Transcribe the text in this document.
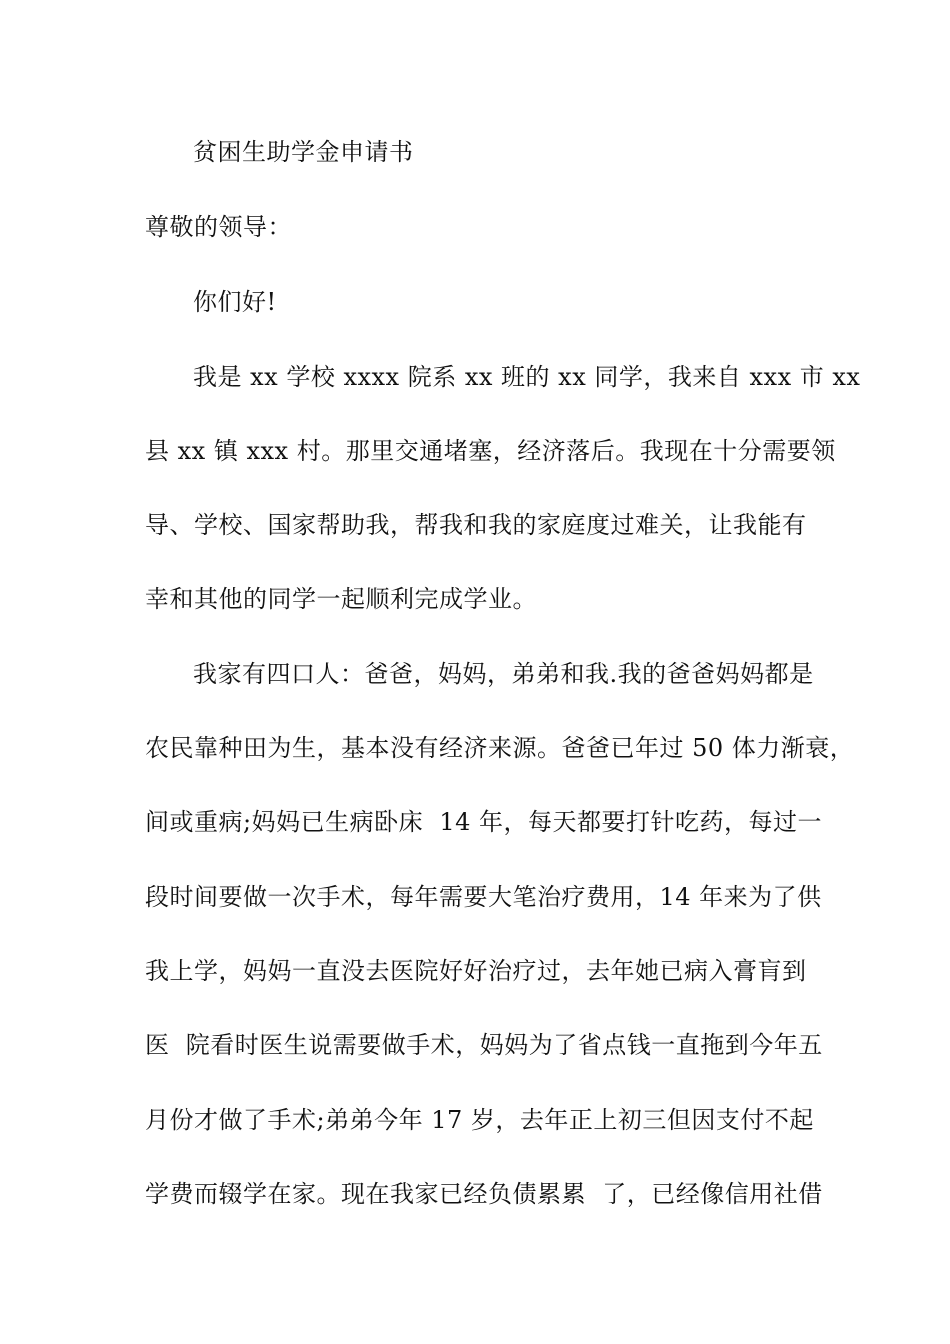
贫困生助学金申请书
尊敬的领导：
你们好!
我是 xx 学校 xxxx 院系 xx 班的 xx 同学，我来自 xxx 市 xx
县 xx 镇 xxx 村。那里交通堵塞，经济落后。我现在十分需要领
导、学校、国家帮助我，帮我和我的家庭度过难关，让我能有
幸和其他的同学一起顺利完成学业。
我家有四口人：爸爸，妈妈，弟弟和我.我的爸爸妈妈都是
农民靠种田为生，基本没有经济来源。爸爸已年过 50 体力渐衰，
间或重病;妈妈已生病卧床  14 年，每天都要打针吃药，每过一
段时间要做一次手术，每年需要大笔治疗费用，14 年来为了供
我上学，妈妈一直没去医院好好治疗过，去年她已病入膏肓到
医  院看时医生说需要做手术，妈妈为了省点钱一直拖到今年五
月份才做了手术;弟弟今年 17 岁，去年正上初三但因支付不起
学费而辍学在家。现在我家已经负债累累  了，已经像信用社借
